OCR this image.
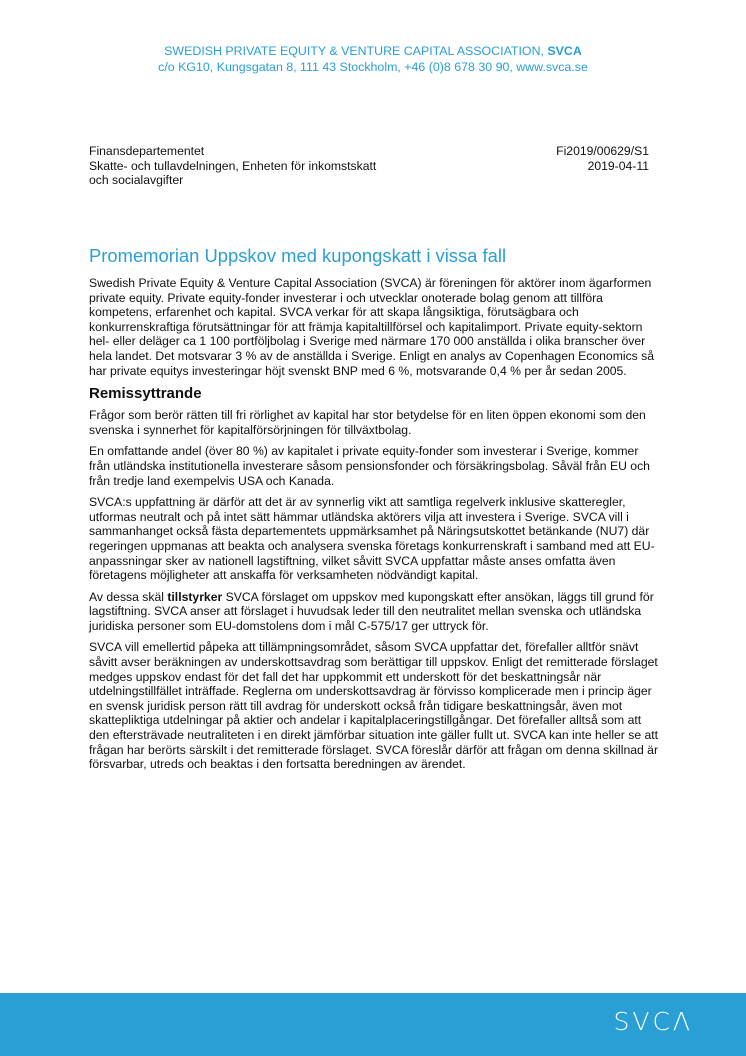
SWEDISH PRIVATE EQUITY & VENTURE CAPITAL ASSOCIATION, SVCA
c/o KG10, Kungsgatan 8, 111 43 Stockholm, +46 (0)8 678 30 90, www.svca.se
Finansdepartementet
Skatte- och tullavdelningen, Enheten för inkomstskatt och socialavgifter
Fi2019/00629/S1
2019-04-11
Promemorian Uppskov med kupongskatt i vissa fall

Swedish Private Equity & Venture Capital Association (SVCA) är föreningen för aktörer inom ägarformen private equity. Private equity-fonder investerar i och utvecklar onoterade bolag genom att tillföra kompetens, erfarenhet och kapital. SVCA verkar för att skapa långsiktiga, förutsägbara och konkurrenskraftiga förutsättningar för att främja kapitaltillförsel och kapitalimport. Private equity-sektorn hel- eller deläger ca 1 100 portföljbolag i Sverige med närmare 170 000 anställda i olika branscher över hela landet. Det motsvarar 3 % av de anställda i Sverige. Enligt en analys av Copenhagen Economics så har private equitys investeringar höjt svenskt BNP med 6 %, motsvarande 0,4 % per år sedan 2005.

Remissyttrande

Frågor som berör rätten till fri rörlighet av kapital har stor betydelse för en liten öppen ekonomi som den svenska i synnerhet för kapitalförsörjningen för tillväxtbolag.

En omfattande andel (över 80 %) av kapitalet i private equity-fonder som investerar i Sverige, kommer från utländska institutionella investerare såsom pensionsfonder och försäkringsbolag. Såväl från EU och från tredje land exempelvis USA och Kanada.

SVCA:s uppfattning är därför att det är av synnerlig vikt att samtliga regelverk inklusive skatteregler, utformas neutralt och på intet sätt hämmar utländska aktörers vilja att investera i Sverige. SVCA vill i sammanhanget också fästa departementets uppmärksamhet på Näringsutskottet betänkande (NU7) där regeringen uppmanas att beakta och analysera svenska företags konkurrenskraft i samband med att EU-anpassningar sker av nationell lagstiftning, vilket såvitt SVCA uppfattar måste anses omfatta även företagens möjligheter att anskaffa för verksamheten nödvändigt kapital.

Av dessa skäl tillstyrker SVCA förslaget om uppskov med kupongskatt efter ansökan, läggs till grund för lagstiftning. SVCA anser att förslaget i huvudsak leder till den neutralitet mellan svenska och utländska juridiska personer som EU-domstolens dom i mål C-575/17 ger uttryck för.

SVCA vill emellertid påpeka att tillämpningsområdet, såsom SVCA uppfattar det, förefaller alltför snävt såvitt avser beräkningen av underskottsavdrag som berättigar till uppskov. Enligt det remitterade förslaget medges uppskov endast för det fall det har uppkommit ett underskott för det beskattningsår när utdelningstillfället inträffade. Reglerna om underskottsavdrag är förvisso komplicerade men i princip äger en svensk juridisk person rätt till avdrag för underskott också från tidigare beskattningsår, även mot skattepliktiga utdelningar på aktier och andelar i kapitalplaceringstillgångar. Det förefaller alltså som att den eftersträvade neutraliteten i en direkt jämförbar situation inte gäller fullt ut. SVCA kan inte heller se att frågan har berörts särskilt i det remitterade förslaget. SVCA föreslår därför att frågan om denna skillnad är försvarbar, utreds och beaktas i den fortsatta beredningen av ärendet.

SVCΛ
